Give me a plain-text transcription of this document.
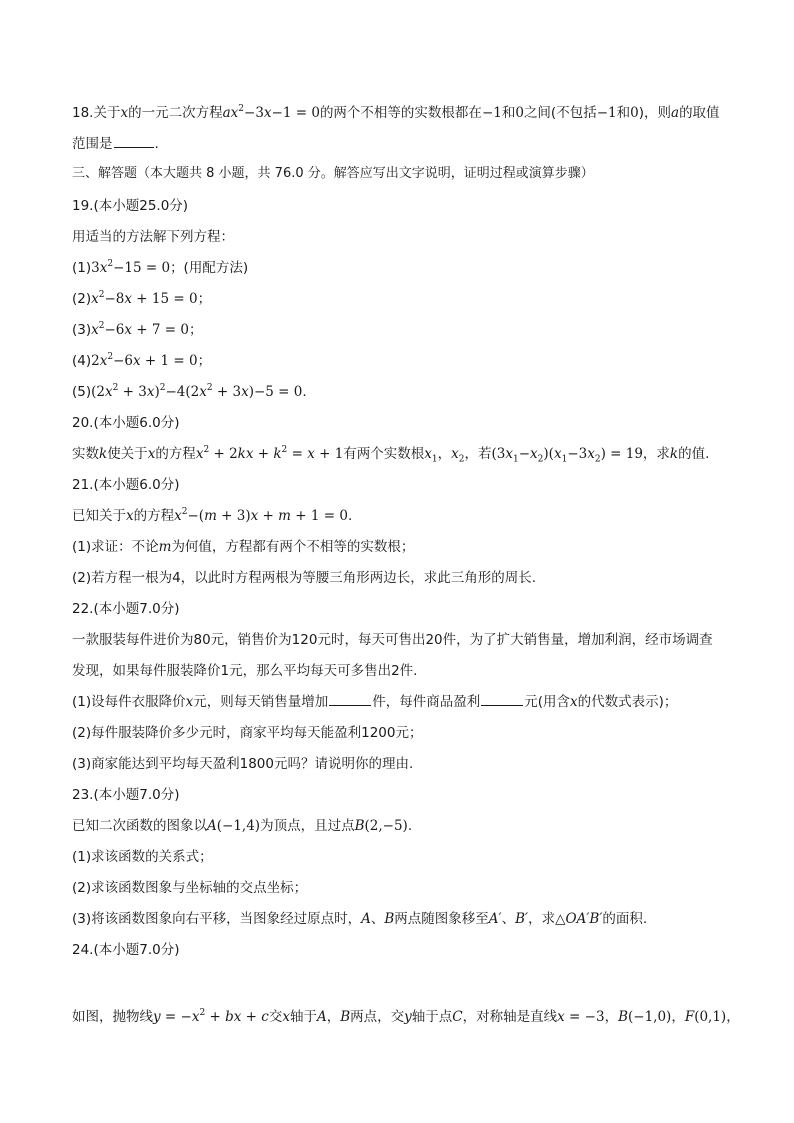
18.关于x的一元二次方程$ax^2-3x-1 = 0$的两个不相等的实数根都在−1和0之间(不包括−1和0)，则a的取值
范围是	.
三、解答题（本大题共 8 小题，共 76.0 分。解答应写出文字说明，证明过程或演算步骤）
19.(本小题25.0分)
用适当的方法解下列方程：
$(1)3x^2-15 = 0$；(用配方法)
$(2)x^2-8x + 15 = 0$；
$(3)x^2-6x + 7 = 0$；
$(4)2x^2-6x + 1 = 0$；
$(5)(2x^2 + 3x)^2-4(2x^2 + 3x)-5 = 0$.
20.(本小题6.0分)
实数k使关于x的方程$x^2 + 2kx + k^2 = x + 1$有两个实数根$x_1$，$x_2$，若$(3x_1-x_2)(x_1-3x_2) = 19$，求k的值.
21.(本小题6.0分)
已知关于x的方程$x^2-(m + 3)x + m + 1 = 0$.
(1)求证：不论m为何值，方程都有两个不相等的实数根；
(2)若方程一根为4，以此时方程两根为等腰三角形两边长，求此三角形的周长.
22.(本小题7.0分)
一款服装每件进价为80元，销售价为120元时，每天可售出20件，为了扩大销售量，增加利润，经市场调查
发现，如果每件服装降价1元，那么平均每天可多售出2件.
(1)设每件衣服降价x元，则每天销售量增加	件，每件商品盈利	元(用含x的代数式表示)；
(2)每件服装降价多少元时，商家平均每天能盈利1200元；
(3)商家能达到平均每天盈利1800元吗？请说明你的理由.
23.(本小题7.0分)
已知二次函数的图象以A(−1,4)为顶点，且过点B(2,−5).
(1)求该函数的关系式；
(2)求该函数图象与坐标轴的交点坐标；
(3)将该函数图象向右平移，当图象经过原点时，A、B两点随图象移至A′、B′，求△OA′B′的面积.
24.(本小题7.0分)
如图，抛物线$y = -x^2$ + bx + c交x轴于A，B两点，交y轴于点C，对称轴是直线x = −3，B(−1,0)，F(0,1)，
